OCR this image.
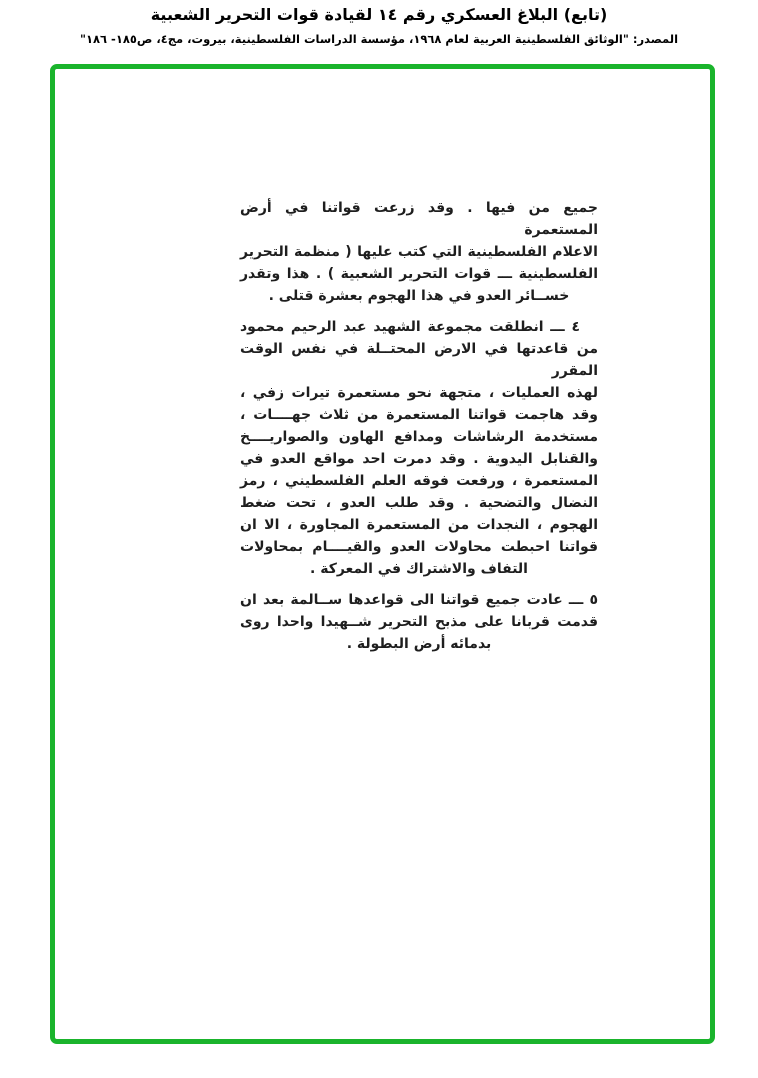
(تابع) البلاغ العسكري رقم ١٤ لقيادة قوات التحرير الشعبية
المصدر: "الوثائق الفلسطينية العربية لعام ١٩٦٨، مؤسسة الدراسات الفلسطينية، بيروت، مج٤، ص١٨٥- ١٨٦"
جميع من فيها . وقد زرعت قواتنا في أرض المستعمرة
الاعلام الفلسطينية التي كتب عليها ( منظمة التحرير
الفلسطينية ـــ قوات التحرير الشعبية ) . هذا وتقدر
خســائر العدو في هذا الهجوم بعشرة قتلى .
٤ ـــ انطلقت مجموعة الشهيد عبد الرحيم محمود
من قاعدتها في الارض المحتــلة في نفس الوقت المقرر
لهذه العمليات ، متجهة نحو مستعمرة تيرات زفي ،
وقد هاجمت قواتنا المستعمرة من ثلاث جهــــات ،
مستخدمة الرشاشات ومدافع الهاون والصواريــــخ
والقنابل اليدوية . وقد دمرت احد مواقع العدو في
المستعمرة ، ورفعت فوقه العلم الفلسطيني ، رمز
النضال والتضحية . وقد طلب العدو ، تحت ضغط
الهجوم ، النجدات من المستعمرة المجاورة ، الا ان
قواتنا احبطت محاولات العدو والقيــــام بمحاولات
التفاف والاشتراك في المعركة .
٥ ـــ عادت جميع قواتنا الى قواعدها ســالمة بعد ان
قدمت قربانا على مذبح التحرير شــهيدا واحدا روى
بدمائه أرض البطولة .
